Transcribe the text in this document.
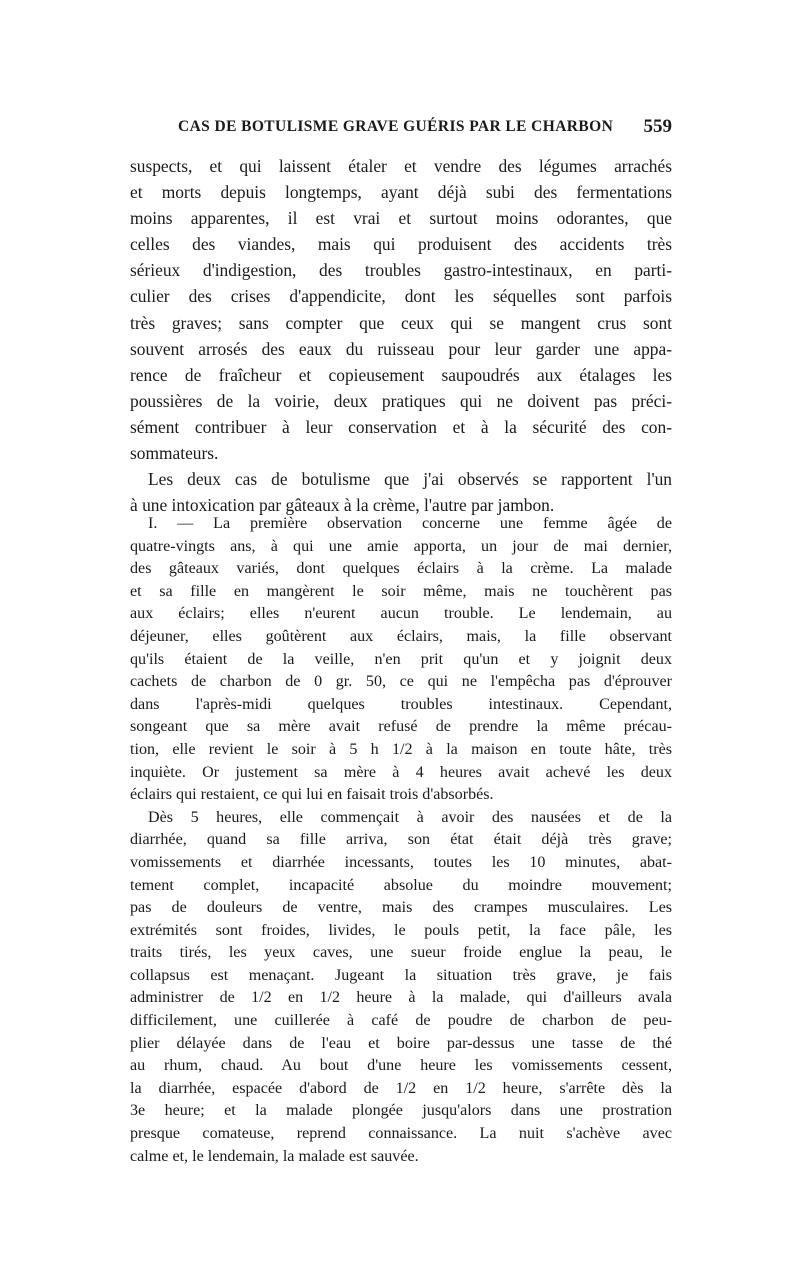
CAS DE BOTULISME GRAVE GUÉRIS PAR LE CHARBON 559

suspects, et qui laissent étaler et vendre des légumes arrachés
et morts depuis longtemps, ayant déjà subi des fermentations
moins apparentes, il est vrai et surtout moins odorantes, que
celles des viandes, mais qui produisent des accidents très
sérieux d'indigestion, des troubles gastro-intestinaux, en parti-
culier des crises d'appendicite, dont les séquelles sont parfois
très graves; sans compter que ceux qui se mangent crus sont
souvent arrosés des eaux du ruisseau pour leur garder une appa-
rence de fraîcheur et copieusement saupoudrés aux étalages les
poussières de la voirie, deux pratiques qui ne doivent pas préci-
sément contribuer à leur conservation et à la sécurité des con-
sommateurs.

Les deux cas de botulisme que j'ai observés se rapportent l'un
à une intoxication par gâteaux à la crème, l'autre par jambon.

I. — La première observation concerne une femme âgée de
quatre-vingts ans, à qui une amie apporta, un jour de mai dernier,
des gâteaux variés, dont quelques éclairs à la crème. La malade
et sa fille en mangèrent le soir même, mais ne touchèrent pas
aux éclairs; elles n'eurent aucun trouble. Le lendemain, au
déjeuner, elles goûtèrent aux éclairs, mais, la fille observant
qu'ils étaient de la veille, n'en prit qu'un et y joignit deux
cachets de charbon de 0 gr. 50, ce qui ne l'empêcha pas d'éprouver
dans l'après-midi quelques troubles intestinaux. Cependant,
songeant que sa mère avait refusé de prendre la même précau-
tion, elle revient le soir à 5 h 1/2 à la maison en toute hâte, très
inquiète. Or justement sa mère à 4 heures avait achevé les deux
éclairs qui restaient, ce qui lui en faisait trois d'absorbés.

Dès 5 heures, elle commençait à avoir des nausées et de la
diarrhée, quand sa fille arriva, son état était déjà très grave;
vomissements et diarrhée incessants, toutes les 10 minutes, abat-
tement complet, incapacité absolue du moindre mouvement;
pas de douleurs de ventre, mais des crampes musculaires. Les
extrémités sont froides, livides, le pouls petit, la face pâle, les
traits tirés, les yeux caves, une sueur froide englue la peau, le
collapsus est menaçant. Jugeant la situation très grave, je fais
administrer de 1/2 en 1/2 heure à la malade, qui d'ailleurs avala
difficilement, une cuillerée à café de poudre de charbon de peu-
plier délayée dans de l'eau et boire par-dessus une tasse de thé
au rhum, chaud. Au bout d'une heure les vomissements cessent,
la diarrhée, espacée d'abord de 1/2 en 1/2 heure, s'arrête dès la
3e heure; et la malade plongée jusqu'alors dans une prostration
presque comateuse, reprend connaissance. La nuit s'achève avec
calme et, le lendemain, la malade est sauvée.
